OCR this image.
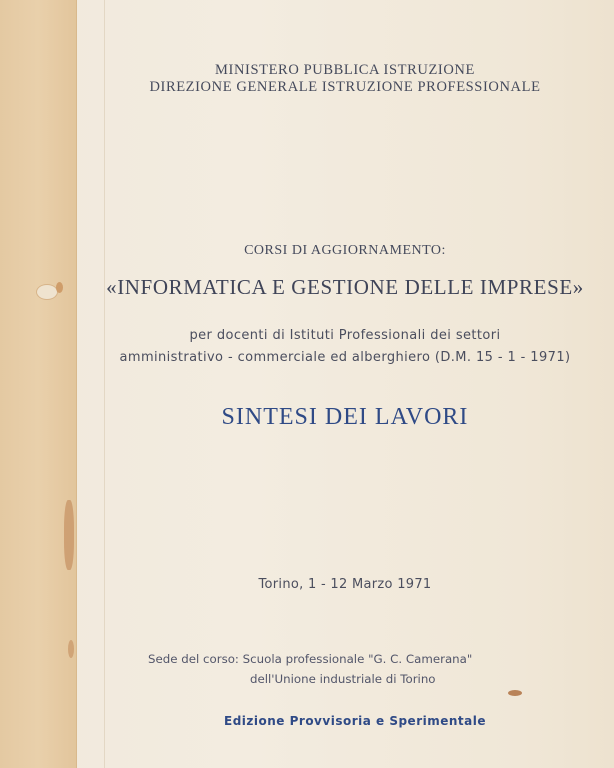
MINISTERO PUBBLICA ISTRUZIONE
DIREZIONE GENERALE ISTRUZIONE PROFESSIONALE
CORSI DI AGGIORNAMENTO:
«INFORMATICA E GESTIONE DELLE IMPRESE»
per docenti di Istituti Professionali dei settori
amministrativo - commerciale ed alberghiero (D.M. 15 - 1 - 1971)
SINTESI DEI LAVORI
Torino, 1 - 12 Marzo 1971
Sede del corso: Scuola professionale "G. C. Camerana"
dell'Unione industriale di Torino
Edizione Provvisoria e Sperimentale
